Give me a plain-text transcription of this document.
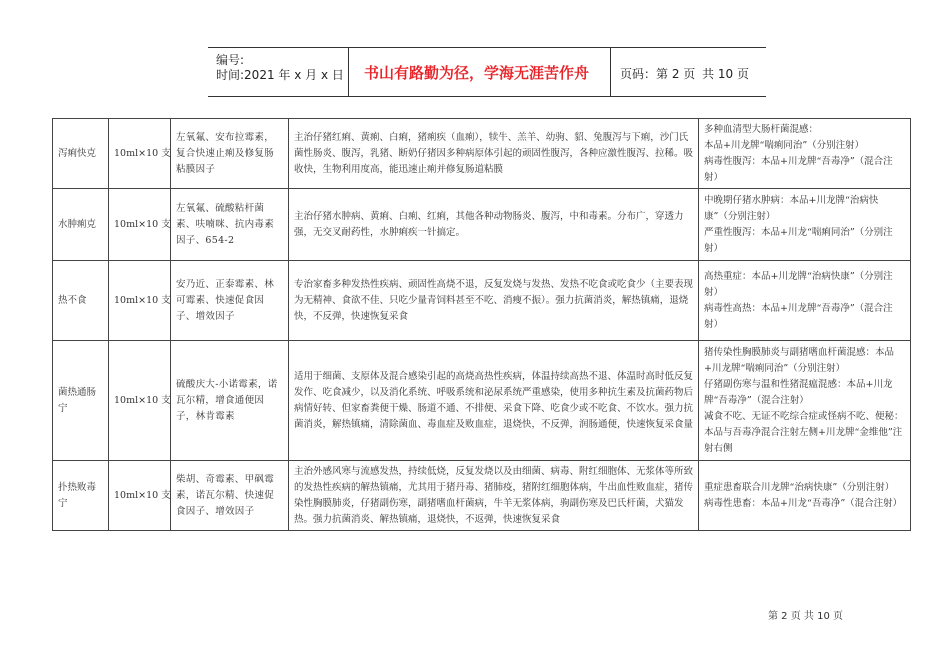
编号:
时间:2021 年 x 月 x 日 书山有路勤为径，学海无涯苦作舟	页码：第 2 页 共 10 页
泻痢快克	10ml×10 支	左氧氟、安布拉霉素，复合快速止痢及修复肠粘膜因子	主治仔猪红痢、黄痢、白痢，猪痢疾（血痢），犊牛、羔羊、幼驹、貂、兔腹泻与下痢，沙门氏菌性肠炎、腹泻，乳猪、断奶仔猪因多种病原体引起的顽固性腹泻，各种应激性腹泻、拉稀。吸收快，生物利用度高，能迅速止痢并修复肠道粘膜	多种血清型大肠杆菌混感：
本品+川龙牌“喘痢同治”（分别注射）
病毒性腹泻：本品+川龙牌“吾毒净”（混合注射）

水肿痢克	10ml×10 支	左氧氟、硫酸粘杆菌素、呋喃咪、抗内毒素因子、654-2	主治仔猪水肿病、黄痢、白痢、红痢，其他各种动物肠炎、腹泻，中和毒素。分布广，穿透力强，无交叉耐药性，水肿痢疾一针搞定。	中晚期仔猪水肿病：本品+川龙牌“治病快康”（分别注射）
严重性腹泻：本品+川龙“喘痢同治”（分别注射）

热不食	10ml×10 支	安乃近、正泰霉素、林可霉素、快速促食因子、增效因子	专治家畜多种发热性疾病、顽固性高烧不退，反复发烧与发热、发热不吃食或吃食少（主要表现为无精神、食欲不佳、只吃少量青饲料甚至不吃、消瘦不振）。强力抗菌消炎，解热镇痛，退烧快，不反弹，快速恢复采食	高热重症：本品+川龙牌“治病快康”（分别注射）
病毒性高热：本品+川龙牌“吾毒净”（混合注射）

菌热通肠宁	10ml×10 支	硫酸庆大-小诺霉素，诺瓦尔精，增食通便因子，林肯霉素	适用于细菌、支原体及混合感染引起的高烧高热性疾病，体温持续高热不退、体温时高时低反复发作、吃食减少，以及消化系统、呼吸系统和泌尿系统严重感染，使用多种抗生素及抗菌药物后病情好转、但家畜粪便干燥、肠道不通、不排便、采食下降、吃食少或不吃食、不饮水。强力抗菌消炎，解热镇痛，清除菌血、毒血症及败血症，退烧快，不反弹，润肠通便，快速恢复采食量	猪传染性胸膜肺炎与副猪嗜血杆菌混感：本品+川龙牌“喘痢同治”（分别注射）
仔猪副伤寒与温和性猪混瘟混感：本品+川龙牌“吾毒净”（混合注射）
减食不吃、无证不吃综合症或怪病不吃、便秘：本品与吾毒净混合注射左侧+川龙牌“金维他”注射右侧

扑热败毒宁	10ml×10 支	柴胡、奇霉素、甲砜霉素，诺瓦尔精、快速促食因子、增效因子	主治外感风寒与流感发热，持续低烧，反复发烧以及由细菌、病毒、附红细胞体、无浆体等所致的发热性疾病的解热镇痛，尤其用于猪丹毒、猪肺疫，猪附红细胞体病，牛出血性败血症，猪传染性胸膜肺炎，仔猪副伤寒，副猪嗜血杆菌病，牛羊无浆体病，驹副伤寒及巴氏杆菌，犬猫发热。强力抗菌消炎、解热镇痛，退烧快，不返弹，快速恢复采食	重症患畜联合川龙牌“治病快康”（分别注射）
病毒性患畜：本品+川龙“吾毒净”（混合注射）
第 2 页 共 10 页
